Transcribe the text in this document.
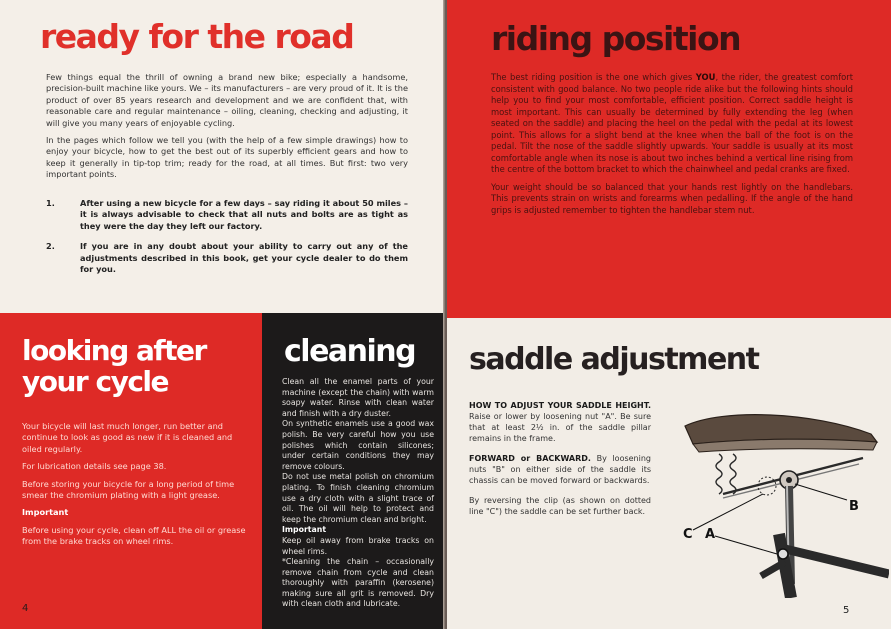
ready for the road

Few things equal the thrill of owning a brand new bike; especially a handsome, precision-built machine like yours. We – its manufacturers – are very proud of it. It is the product of over 85 years research and development and we are confident that, with reasonable care and regular maintenance – oiling, cleaning, checking and adjusting, it will give you many years of enjoyable cycling.

In the pages which follow we tell you (with the help of a few simple drawings) how to enjoy your bicycle, how to get the best out of its superbly efficient gears and how to keep it generally in tip-top trim; ready for the road, at all times. But first: two very important points.

1.	After using a new bicycle for a few days – say riding it about 50 miles – it is always advisable to check that all nuts and bolts are as tight as they were the day they left our factory.
2.	If you are in any doubt about your ability to carry out any of the adjustments described in this book, get your cycle dealer to do them for you.
looking after
your cycle

Your bicycle will last much longer, run better and continue to look as good as new if it is cleaned and oiled regularly.

For lubrication details see page 38.

Before storing your bicycle for a long period of time smear the chromium plating with a light grease.

Important

Before using your cycle, clean off ALL the oil or grease from the brake tracks on wheel rims.

4
cleaning
Clean all the enamel parts of your machine (except the chain) with warm soapy water. Rinse with clean water and finish with a dry duster.
On synthetic enamels use a good wax polish. Be very careful how you use polishes which contain silicones; under certain conditions they may remove colours.
Do not use metal polish on chromium plating. To finish cleaning chromium use a dry cloth with a slight trace of oil. The oil will help to protect and keep the chromium clean and bright.
Important
Keep oil away from brake tracks on wheel rims.
*Cleaning the chain – occasionally remove chain from cycle and clean thoroughly with paraffin (kerosene) making sure all grit is removed. Dry with clean cloth and lubricate.
riding position

The best riding position is the one which gives YOU, the rider, the greatest comfort consistent with good balance. No two people ride alike but the following hints should help you to find your most comfortable, efficient position. Correct saddle height is most important. This can usually be determined by fully extending the leg (when seated on the saddle) and placing the heel on the pedal with the pedal at its lowest point. This allows for a slight bend at the knee when the ball of the foot is on the pedal. Tilt the nose of the saddle slightly upwards. Your saddle is usually at its most comfortable angle when its nose is about two inches behind a vertical line rising from the centre of the bottom bracket to which the chainwheel and pedal cranks are fixed.

Your weight should be so balanced that your hands rest lightly on the handlebars. This prevents strain on wrists and forearms when pedalling. If the angle of the hand grips is adjusted remember to tighten the handlebar stem nut.

saddle adjustment

HOW TO ADJUST YOUR SADDLE HEIGHT. Raise or lower by loosening nut "A". Be sure that at least 2½ in. of the saddle pillar remains in the frame.

FORWARD or BACKWARD. By loosening nuts "B" on either side of the saddle its chassis can be moved forward or backwards.

By reversing the clip (as shown on dotted line "C") the saddle can be set further back.

A
C
B
5
